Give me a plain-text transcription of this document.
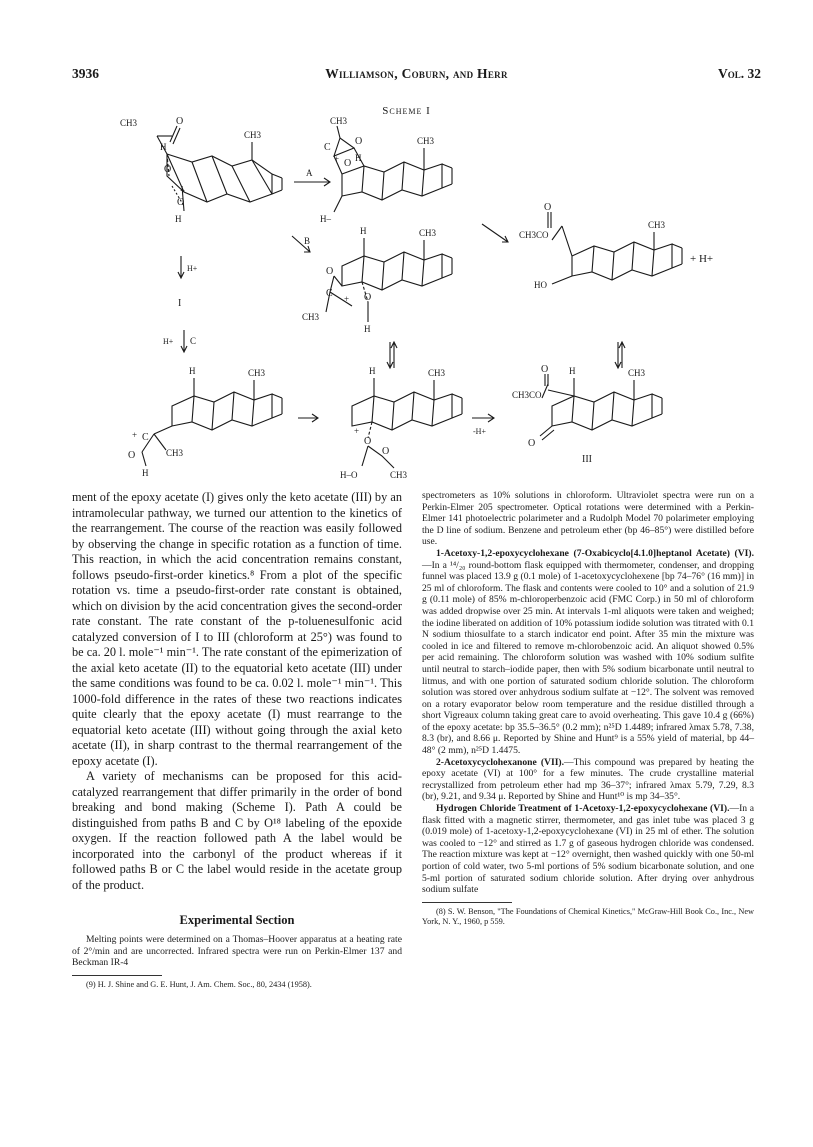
3936	Williamson, Coburn, and Herr	Vol. 32
Scheme I
CH3	O
CH3
H
O
+
O
H
A
CH3
C
O
+ O H
CH3
H–
B
H+
I
H+ C
H	CH3
O
C + O
CH3
H
O
CH3CO
CH3
HO
+ H+
H	CH3
+ C
O	CH3
H
H	CH3
+
O
O
H–O	CH3
-H+
O H	CH3
CH3CO
O
III

ment of the epoxy acetate (I) gives only the keto acetate (III) by an intramolecular pathway, we turned our attention to the kinetics of the rearrangement. The course of the reaction was easily followed by observing the change in specific rotation as a function of time. This reaction, in which the acid concentration remains constant, follows pseudo-first-order kinetics.⁸ From a plot of the specific rotation vs. time a pseudo-first-order rate constant is obtained, which on division by the acid concentration gives the second-order rate constant. The rate constant of the p-toluenesulfonic acid catalyzed conversion of I to III (chloroform at 25°) was found to be ca. 20 l. mole⁻¹ min⁻¹. The rate constant of the epimerization of the axial keto acetate (II) to the equatorial keto acetate (III) under the same conditions was found to be ca. 0.02 l. mole⁻¹ min⁻¹. This 1000-fold difference in the rates of these two reactions indicates quite clearly that the epoxy acetate (I) must rearrange to the equatorial keto acetate (III) without going through the axial keto acetate (II), in sharp contrast to the thermal rearrangement of the epoxy acetate (I).

A variety of mechanisms can be proposed for this acid-catalyzed rearrangement that differ primarily in the order of bond breaking and bond making (Scheme I). Path A could be distinguished from paths B and C by O¹⁸ labeling of the epoxide oxygen. If the reaction followed path A the label would be incorporated into the carbonyl of the product whereas if it followed paths B or C the label would reside in the acetate group of the product.

Experimental Section

Melting points were determined on a Thomas–Hoover apparatus at a heating rate of 2°/min and are uncorrected. Infrared spectra were run on Perkin-Elmer 137 and Beckman IR-4

(9) H. J. Shine and G. E. Hunt, J. Am. Chem. Soc., 80, 2434 (1958).

spectrometers as 10% solutions in chloroform. Ultraviolet spectra were run on a Perkin-Elmer 205 spectrometer. Optical rotations were determined with a Perkin-Elmer 141 photoelectric polarimeter and a Rudolph Model 70 polarimeter employing the D line of sodium. Benzene and petroleum ether (bp 46–85°) were distilled before use.

1-Acetoxy-1,2-epoxycyclohexane (7-Oxabicyclo[4.1.0]heptanol Acetate) (VI).—In a ¹⁴/₂₀ round-bottom flask equipped with thermometer, condenser, and dropping funnel was placed 13.9 g (0.1 mole) of 1-acetoxycyclohexene [bp 74–76° (16 mm)] in 25 ml of chloroform. The flask and contents were cooled to 10° and a solution of 21.9 g (0.11 mole) of 85% m-chloroperbenzoic acid (FMC Corp.) in 50 ml of chloroform was added dropwise over 25 min. At intervals 1-ml aliquots were taken and weighed; the iodine liberated on addition of 10% potassium iodide solution was titrated with 0.1 N sodium thiosulfate to a starch indicator end point. After 35 min the mixture was cooled in ice and filtered to remove m-chlorobenzoic acid. An aliquot showed 0.5% per acid remaining. The chloroform solution was washed with 10% sodium sulfite until neutral to starch–iodide paper, then with 5% sodium bicarbonate until neutral to litmus, and with one portion of saturated sodium chloride solution. The chloroform solution was stored over anhydrous sodium sulfate at −12°. The solvent was removed on a rotary evaporator below room temperature and the residue distilled through a short Vigreaux column taking great care to avoid overheating. This gave 10.4 g (66%) of the epoxy acetate: bp 35.5–36.5° (0.2 mm); n²⁵D 1.4489; infrared λmax 5.78, 7.38, 8.3 (br), and 8.66 μ. Reported by Shine and Hunt⁹ is a 55% yield of material, bp 44–48° (2 mm), n²⁵D 1.4475.

2-Acetoxycyclohexanone (VII).—This compound was prepared by heating the epoxy acetate (VI) at 100° for a few minutes. The crude crystalline material recrystallized from petroleum ether had mp 36–37°; infrared λmax 5.79, 7.29, 8.3 (br), 9.21, and 9.34 μ. Reported by Shine and Hunt¹⁰ is mp 34–35°.

Hydrogen Chloride Treatment of 1-Acetoxy-1,2-epoxycyclohexane (VI).—In a flask fitted with a magnetic stirrer, thermometer, and gas inlet tube was placed 3 g (0.019 mole) of 1-acetoxy-1,2-epoxycyclohexane (VI) in 25 ml of ether. The solution was cooled to −12° and stirred as 1.7 g of gaseous hydrogen chloride was condensed. The reaction mixture was kept at −12° overnight, then washed quickly with one 50-ml portion of cold water, two 5-ml portions of 5% sodium bicarbonate solution, and one 5-ml portion of saturated sodium chloride solution. After drying over anhydrous sodium sulfate

(8) S. W. Benson, "The Foundations of Chemical Kinetics," McGraw-Hill Book Co., Inc., New York, N. Y., 1960, p 559.
